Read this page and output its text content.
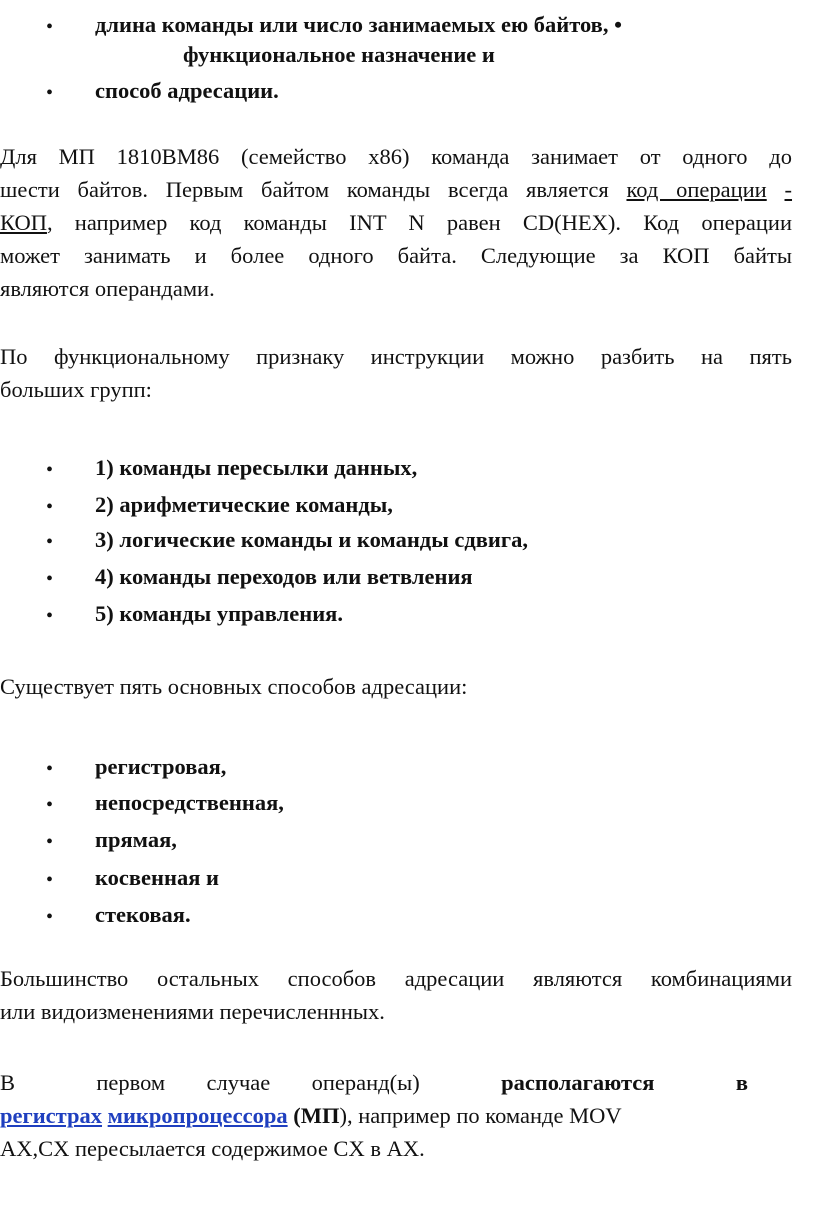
• длина команды или число занимаемых ею байтов, •
функциональное назначение и
• способ адресации.
Для МП 1810ВМ86 (семейство x86) команда занимает от одного до
шести байтов. Первым байтом команды всегда является код операции -
КОП, например код команды INT N равен CD(HEX). Код операции
может занимать и более одного байта. Следующие за КОП байты
являются операндами.
По функциональному признаку инструкции можно разбить на пять
больших групп:
• 1) команды пересылки данных,
• 2) арифметические команды,
• 3) логические команды и команды сдвига,
• 4) команды переходов или ветвления
• 5) команды управления.
Существует пять основных способов адресации:
• регистровая,
• непосредственная,
• прямая,
• косвенная и
• стековая.
Большинство остальных способов адресации являются комбинациями
или видоизменениями перечисленнных.
В	первом случае операнд(ы)	располагаются	в
регистрах микропроцессора (МП), например по команде MOV
AX,CX пересылается содержимое CX в AX.
